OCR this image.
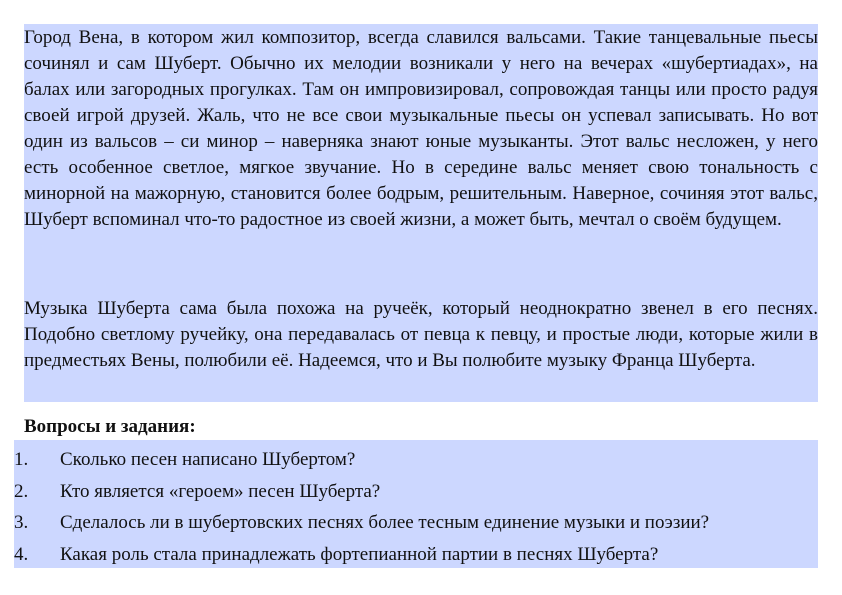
Город Вена, в котором жил композитор, всегда славился вальсами. Такие танцевальные пьесы сочинял и сам Шуберт. Обычно их мелодии возникали у него на вечерах «шубертиадах», на балах или загородных прогулках. Там он импровизировал, сопровождая танцы или просто радуя своей игрой друзей. Жаль, что не все свои музыкальные пьесы он успевал записывать. Но вот один из вальсов – си минор – наверняка знают юные музыканты. Этот вальс несложен, у него есть особенное светлое, мягкое звучание. Но в середине вальс меняет свою тональность с минорной на мажорную, становится более бодрым, решительным. Наверное, сочиняя этот вальс, Шуберт вспоминал что-то радостное из своей жизни, а может быть, мечтал о своём будущем.

Музыка Шуберта сама была похожа на ручеёк, который неоднократно звенел в его песнях. Подобно светлому ручейку, она передавалась от певца к певцу, и простые люди, которые жили в предместьях Вены, полюбили её. Надеемся, что и Вы полюбите музыку Франца Шуберта.

Вопросы и задания:

1.	Сколько песен написано Шубертом?
2.	Кто является «героем» песен Шуберта?
3.	Сделалось ли в шубертовских песнях более тесным единение музыки и поэзии?
4.	Какая роль стала принадлежать фортепианной партии в песнях Шуберта?
